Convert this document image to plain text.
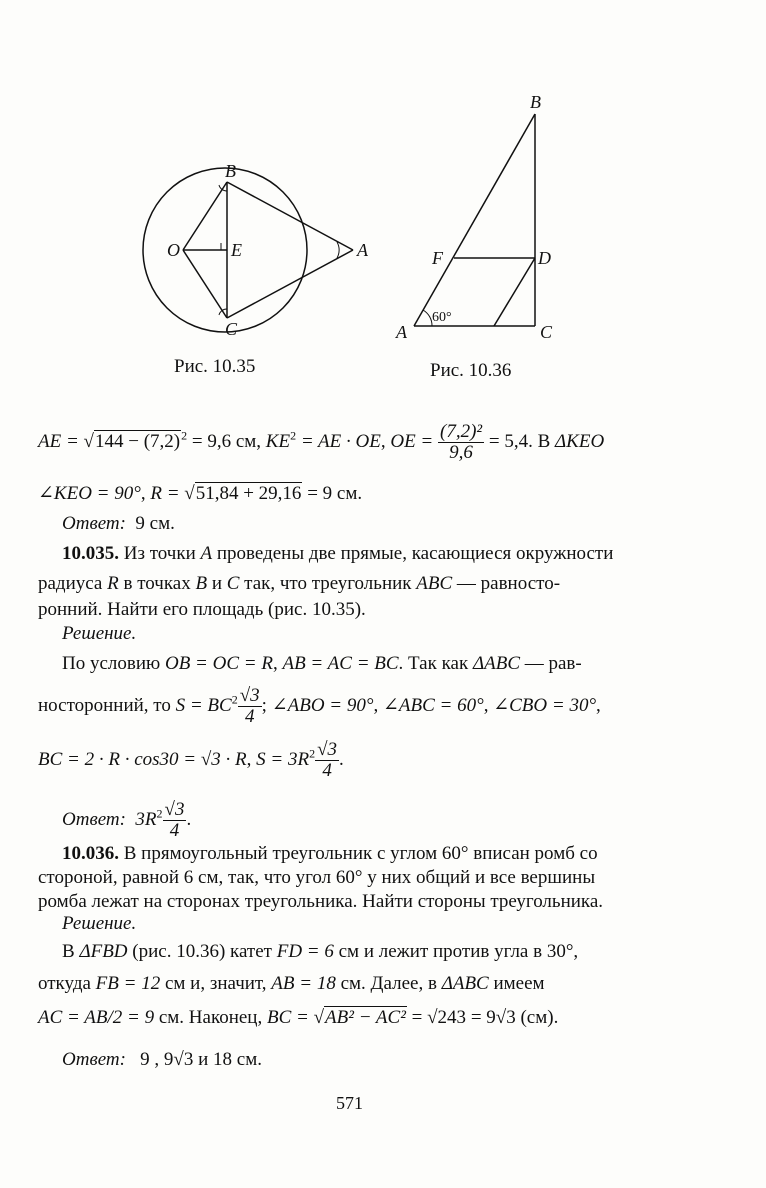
B
O	E	A
C
Рис. 10.35
B
F	D
A	C
60°
Рис. 10.36
AE = $√144 - (7,2)^2 = 9,6$ см, $KE^2$ = AE · OE, OE = $\frac{\text{(7,2)²}}{9,6} = 5,4$. В ΔKEO
∠KEO = 90°, R = √51,84 + 29,16 = 9 см.
Ответ: 9 см.
10.035. Из точки A проведены две прямые, касающиеся окружности
радиуса R в точках B и C так, что треугольник ABC — равносто-
ронний. Найти его площадь (рис. 10.35).
Решение.
По условию OB = OC = R, AB = AC = BC. Так как ΔABC — рав-
носторонний, то $S = BC^2 \frac{√3}{4}$ ; ∠ABO = 90°, ∠ABC = 60°, ∠CBO = 30°,
BC = 2 · R · cos30 = √3 · R, $S = 3R^2 \frac{√3}{4}$ .
Ответ: $3R^2 \frac{√3}{4}$ .
10.036. В прямоугольный треугольник с углом 60° вписан ромб со
стороной, равной 6 см, так, что угол 60° у них общий и все вершины
ромба лежат на сторонах треугольника. Найти стороны треугольника.
Решение.
В ΔFBD (рис. 10.36) катет FD = 6 см и лежит против угла в 30°,
откуда FB = 12 см и, значит, AB = 18 см. Далее, в ΔABC имеем
AC = AB/2 = 9 см. Наконец, BC = √AB² − AC² = √243 = 9√3 (см).
Ответ: 9 , 9√3 и 18 см.
571
